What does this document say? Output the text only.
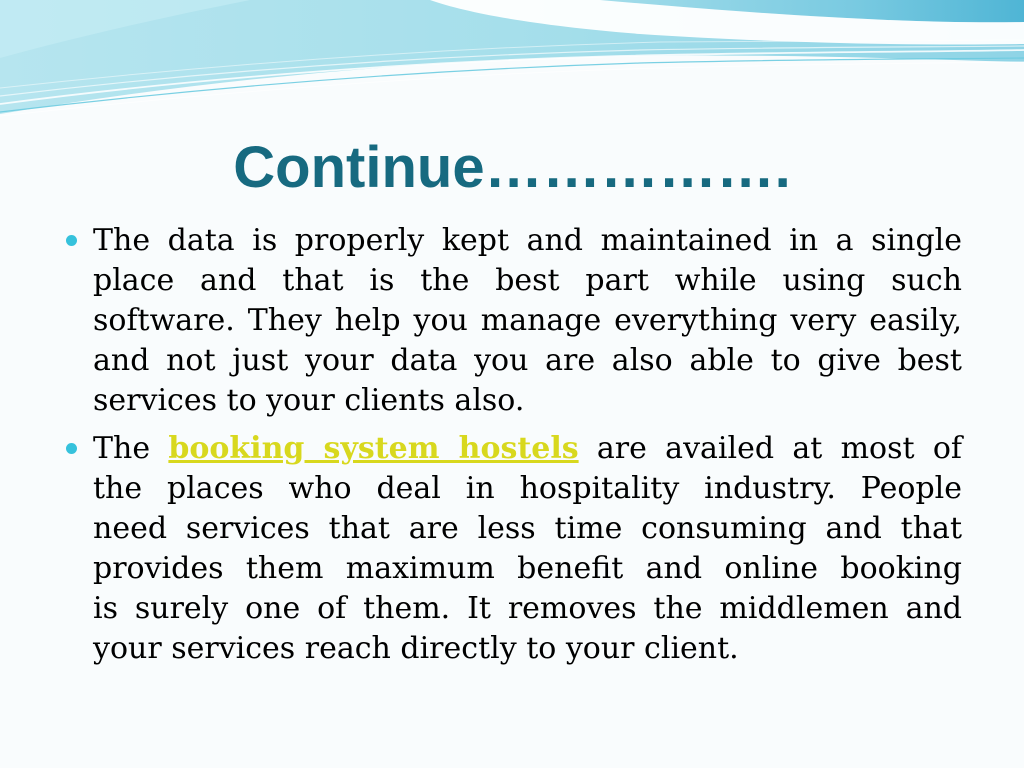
Continue…………….
The data is properly kept and maintained in a single
place and that is the best part while using such
software. They help you manage everything very easily,
and not just your data you are also able to give best
services to your clients also.
The booking system hostels are availed at most of
the places who deal in hospitality industry. People
need services that are less time consuming and that
provides them maximum benefit and online booking
is surely one of them. It removes the middlemen and
your services reach directly to your client.
